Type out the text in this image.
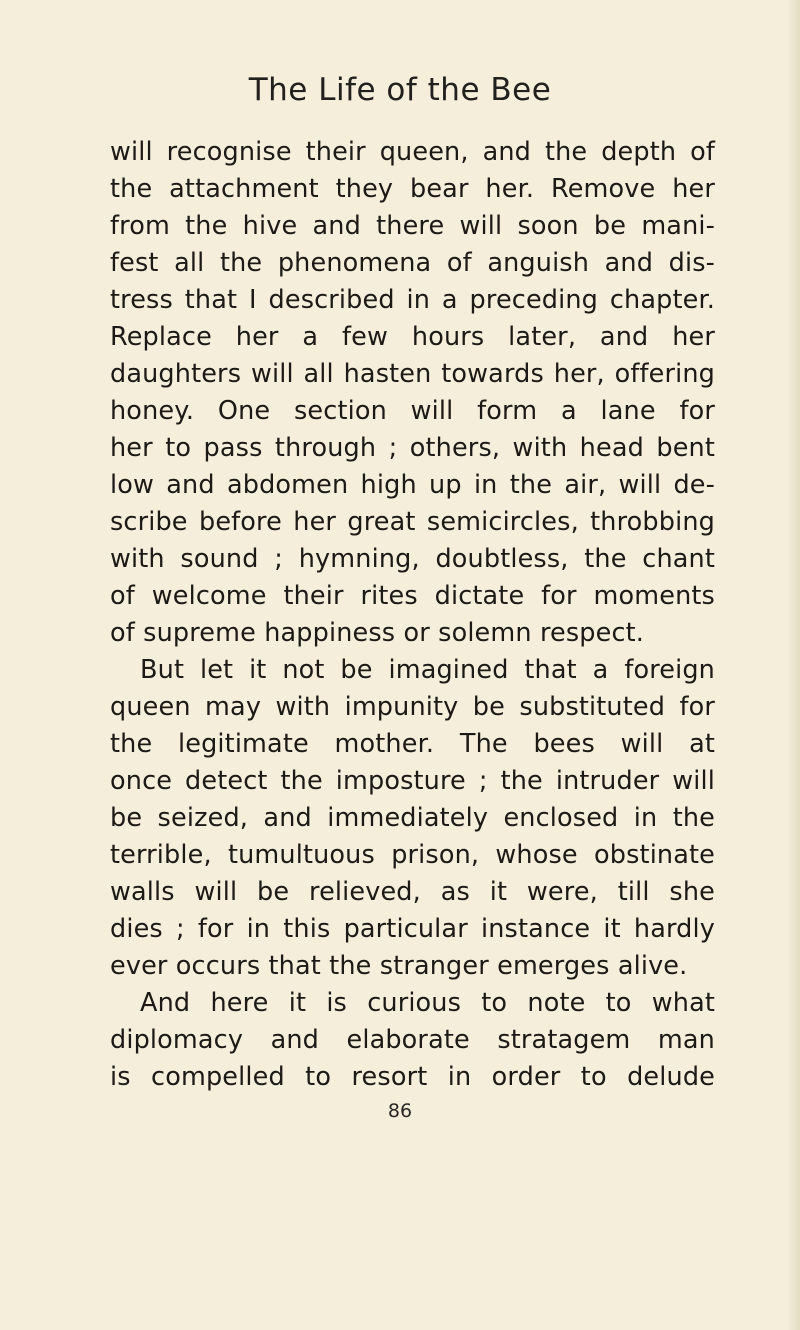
The Life of the Bee
will recognise their queen, and the depth of
the attachment they bear her. Remove her
from the hive and there will soon be mani-
fest all the phenomena of anguish and dis-
tress that I described in a preceding chapter.
Replace her a few hours later, and her
daughters will all hasten towards her, offering
honey. One section will form a lane for
her to pass through ; others, with head bent
low and abdomen high up in the air, will de-
scribe before her great semicircles, throbbing
with sound ; hymning, doubtless, the chant
of welcome their rites dictate for moments
of supreme happiness or solemn respect.
But let it not be imagined that a foreign
queen may with impunity be substituted for
the legitimate mother. The bees will at
once detect the imposture ; the intruder will
be seized, and immediately enclosed in the
terrible, tumultuous prison, whose obstinate
walls will be relieved, as it were, till she
dies ; for in this particular instance it hardly
ever occurs that the stranger emerges alive.
And here it is curious to note to what
diplomacy and elaborate stratagem man
is compelled to resort in order to delude
86
